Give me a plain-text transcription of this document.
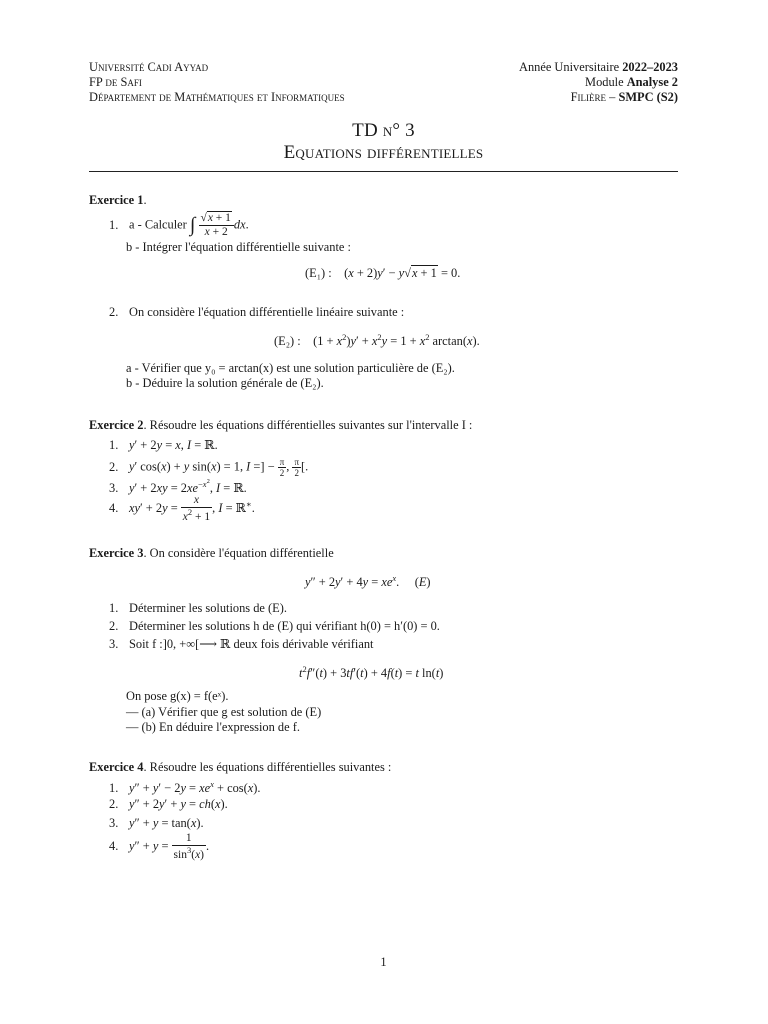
Université Cadi Ayyad
FP de Safi
Département de Mathématiques et Informatiques
Année Universitaire 2022–2023
Module Analyse 2
Filière – SMPC (S2)
TD n° 3
Equations différentielles
Exercice 1.
1. a - Calculer ∫ $\frac{√x + 1}{x + 2}$ dx.
b - Intégrer l'équation différentielle suivante :
(E₁) :    (x + 2)y′ − y√x + 1 = 0.
2. On considère l'équation différentielle linéaire suivante :
(E₂) :    $(1 + x^2)y' + x^2y = 1 + x^2$ arctan(x).
a - Vérifier que y₀ = arctan(x) est une solution particulière de (E₂).
b - Déduire la solution générale de (E₂).
Exercice 2. Résoudre les équations différentielles suivantes sur l'intervalle I :
1. y′ + 2y = x, I = ℝ.
2. y′ cos(x) + y sin(x) = 1, I =] − $\frac{\pi}{2}$ , $\frac{\pi}{2}$ [.
3. $y' + 2xy = 2xe^{-x^2}$, I = ℝ.
4. $xy' + 2y = \frac{x}{x^2 + 1}$ , I = ℝ∗.
Exercice 3. On considère l'équation différentielle
$y'' + 2y' + 4y = xe^x$.     (E)
1. Déterminer les solutions de (E).
2. Déterminer les solutions h de (E) qui vérifiant h(0) = h′(0) = 0.
3. Soit f :]0, +∞[⟶ ℝ deux fois dérivable vérifiant
$t^2f''(t) + 3tf'(t) + 4f(t) = t$ ln(t)
On pose g(x) = f(eˣ).
— (a) Vérifier que g est solution de (E)
— (b) En déduire l'expression de f.
Exercice 4. Résoudre les équations différentielles suivantes :
1. $y'' + y' - 2y = xe^x + \cos(x)$.
2. y″ + 2y′ + y = ch(x).
3. y″ + y = tan(x).
4. $y'' + y = \frac{1}{\sin^3(x)}$ .
1
